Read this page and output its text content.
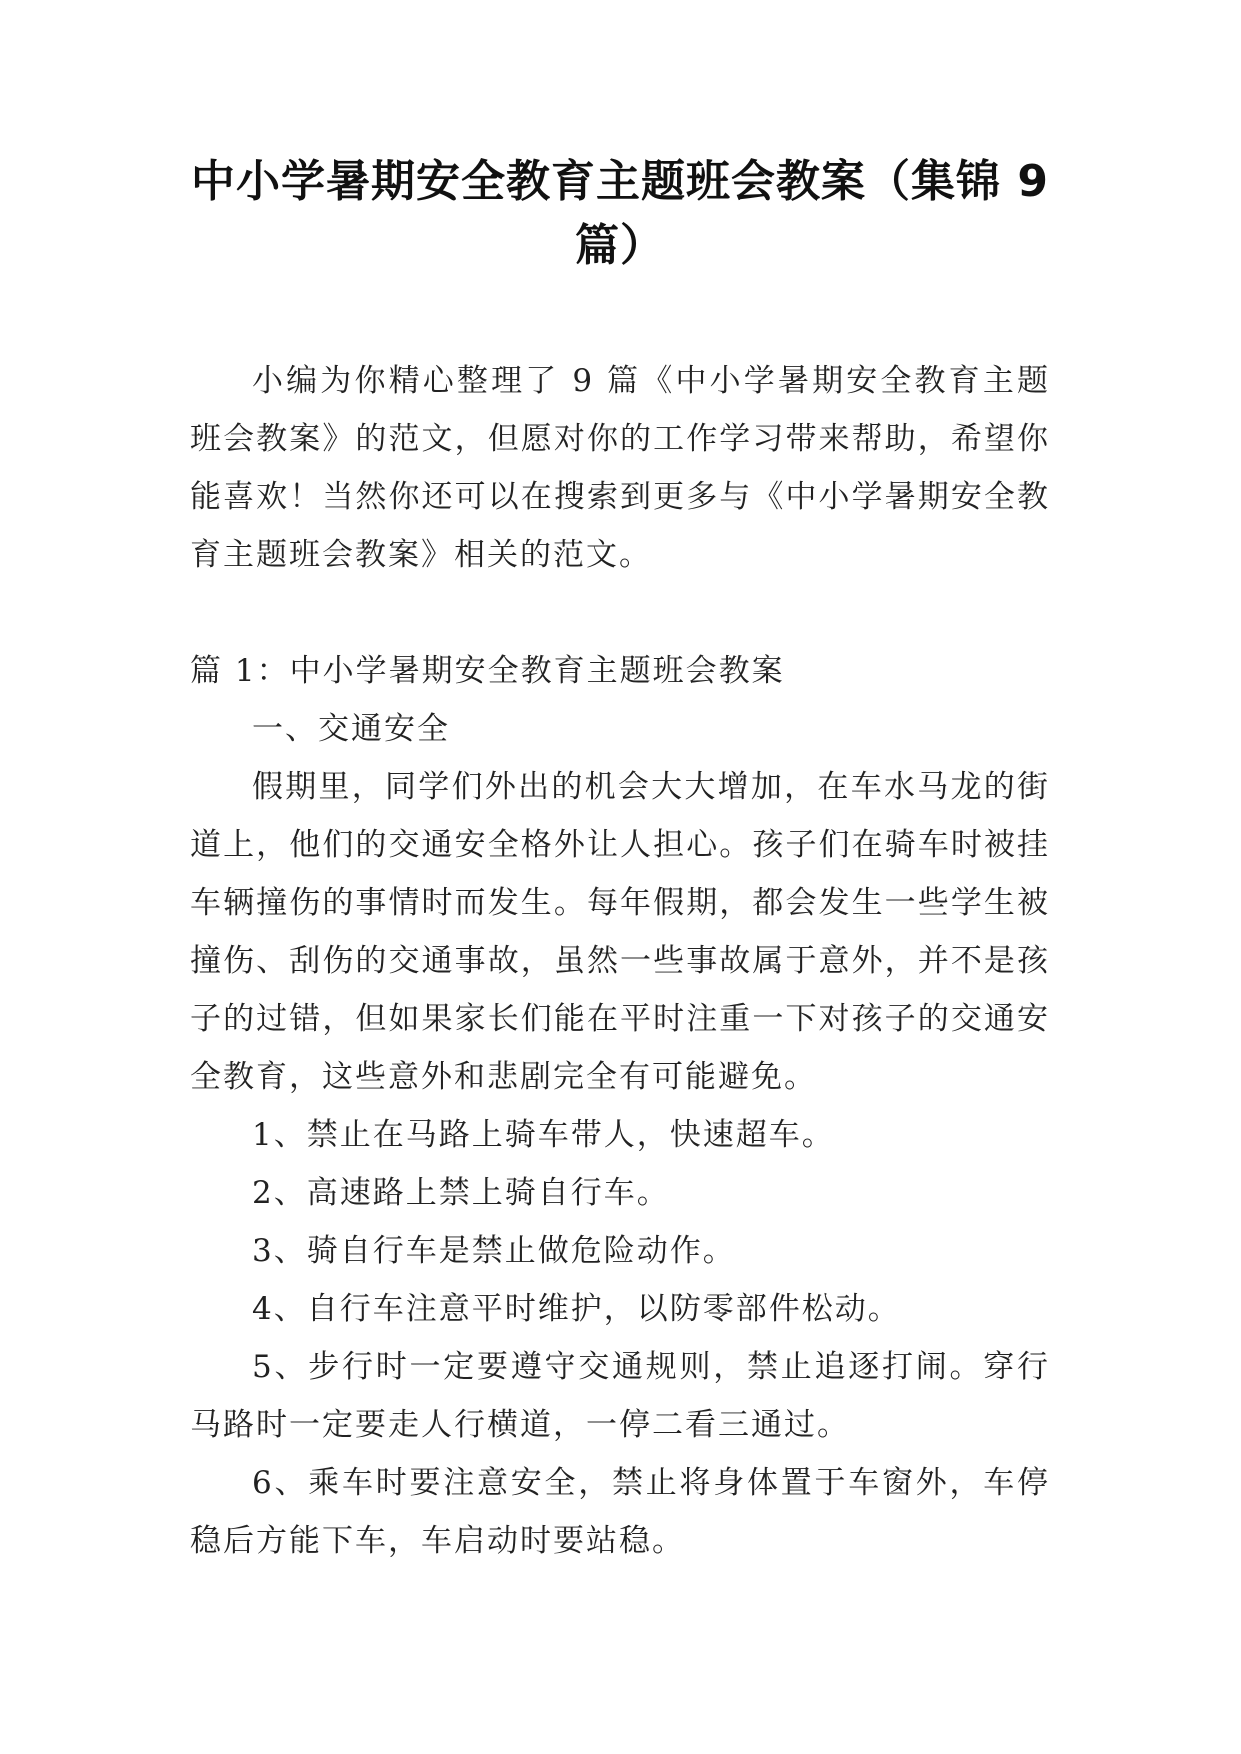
中小学暑期安全教育主题班会教案（集锦 9 篇）

小编为你精心整理了 9 篇《中小学暑期安全教育主题班会教案》的范文，但愿对你的工作学习带来帮助，希望你能喜欢！当然你还可以在搜索到更多与《中小学暑期安全教育主题班会教案》相关的范文。

篇 1：中小学暑期安全教育主题班会教案

一、交通安全

假期里，同学们外出的机会大大增加，在车水马龙的街道上，他们的交通安全格外让人担心。孩子们在骑车时被挂车辆撞伤的事情时而发生。每年假期，都会发生一些学生被撞伤、刮伤的交通事故，虽然一些事故属于意外，并不是孩子的过错，但如果家长们能在平时注重一下对孩子的交通安全教育，这些意外和悲剧完全有可能避免。

1、禁止在马路上骑车带人，快速超车。

2、高速路上禁上骑自行车。

3、骑自行车是禁止做危险动作。

4、自行车注意平时维护，以防零部件松动。

5、步行时一定要遵守交通规则，禁止追逐打闹。穿行马路时一定要走人行横道，一停二看三通过。

6、乘车时要注意安全，禁止将身体置于车窗外，车停稳后方能下车，车启动时要站稳。
